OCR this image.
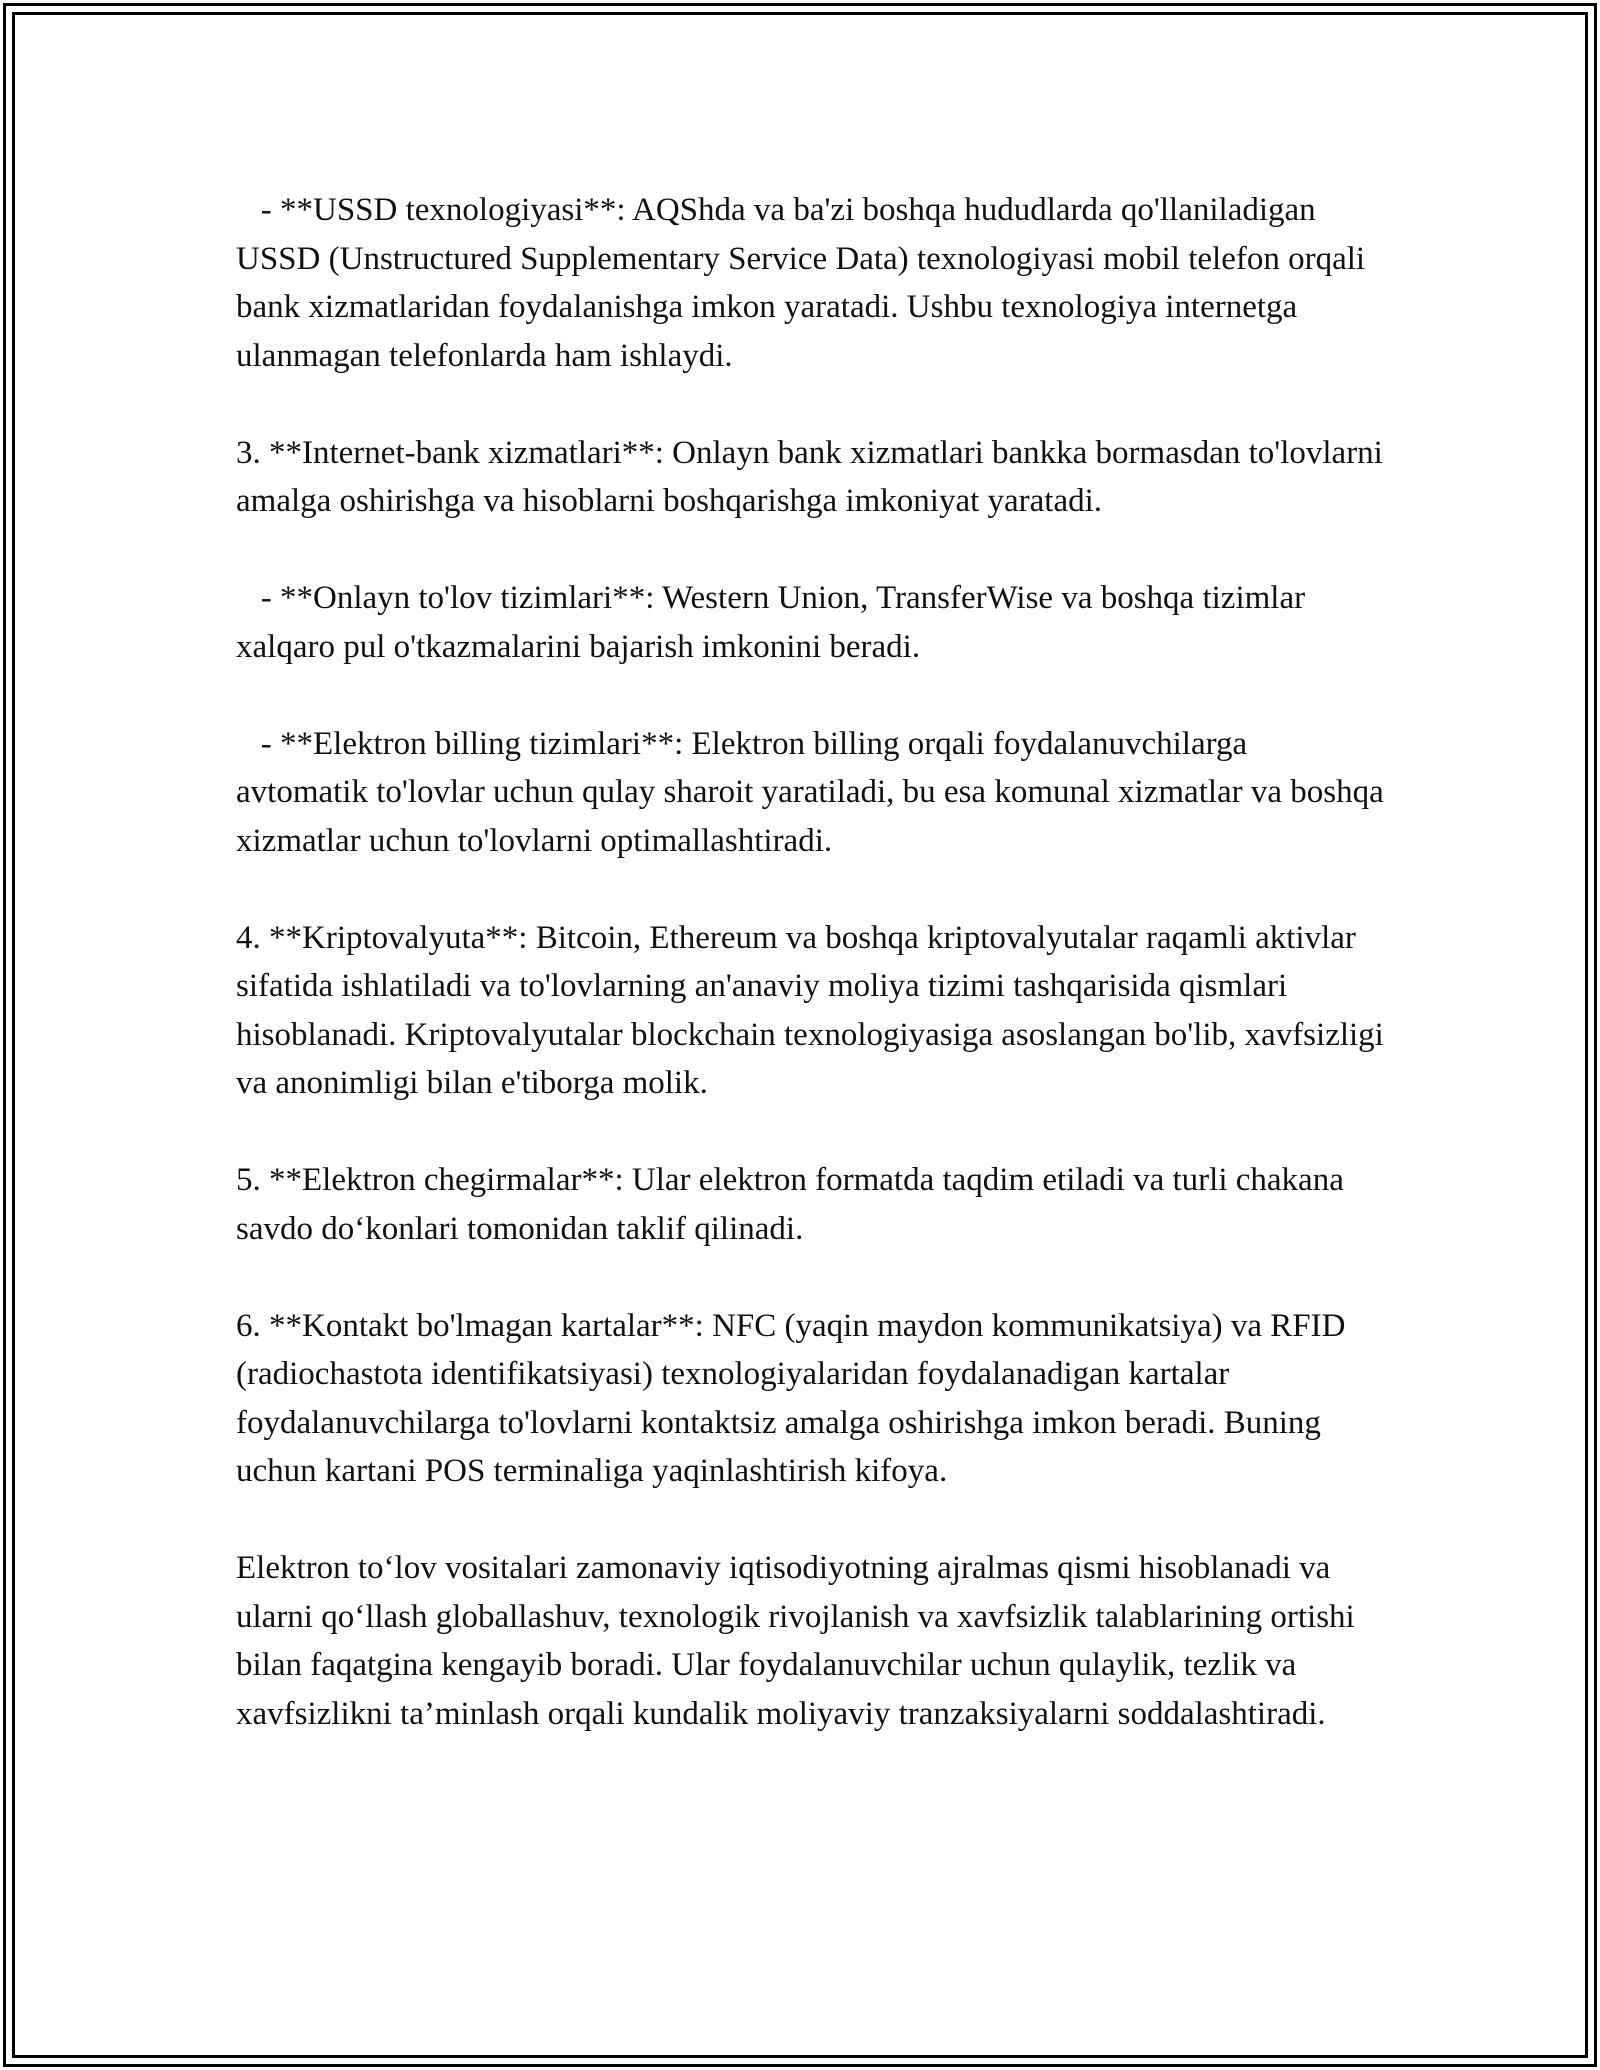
- **USSD texnologiyasi**: AQShda va ba'zi boshqa hududlarda qo'llaniladigan USSD (Unstructured Supplementary Service Data) texnologiyasi mobil telefon orqali bank xizmatlaridan foydalanishga imkon yaratadi. Ushbu texnologiya internetga ulanmagan telefonlarda ham ishlaydi.

3. **Internet-bank xizmatlari**: Onlayn bank xizmatlari bankka bormasdan to'lovlarni amalga oshirishga va hisoblarni boshqarishga imkoniyat yaratadi.

- **Onlayn to'lov tizimlari**: Western Union, TransferWise va boshqa tizimlar xalqaro pul o'tkazmalarini bajarish imkonini beradi.

- **Elektron billing tizimlari**: Elektron billing orqali foydalanuvchilarga avtomatik to'lovlar uchun qulay sharoit yaratiladi, bu esa komunal xizmatlar va boshqa xizmatlar uchun to'lovlarni optimallashtiradi.

4. **Kriptovalyuta**: Bitcoin, Ethereum va boshqa kriptovalyutalar raqamli aktivlar sifatida ishlatiladi va to'lovlarning an'anaviy moliya tizimi tashqarisida qismlari hisoblanadi. Kriptovalyutalar blockchain texnologiyasiga asoslangan bo'lib, xavfsizligi va anonimligi bilan e'tiborga molik.

5. **Elektron chegirmalar**: Ular elektron formatda taqdim etiladi va turli chakana savdo do‘konlari tomonidan taklif qilinadi.

6. **Kontakt bo'lmagan kartalar**: NFC (yaqin maydon kommunikatsiya) va RFID (radiochastota identifikatsiyasi) texnologiyalaridan foydalanadigan kartalar foydalanuvchilarga to'lovlarni kontaktsiz amalga oshirishga imkon beradi. Buning uchun kartani POS terminaliga yaqinlashtirish kifoya.

Elektron to‘lov vositalari zamonaviy iqtisodiyotning ajralmas qismi hisoblanadi va ularni qo‘llash globallashuv, texnologik rivojlanish va xavfsizlik talablarining ortishi bilan faqatgina kengayib boradi. Ular foydalanuvchilar uchun qulaylik, tezlik va xavfsizlikni ta’minlash orqali kundalik moliyaviy tranzaksiyalarni soddalashtiradi.
